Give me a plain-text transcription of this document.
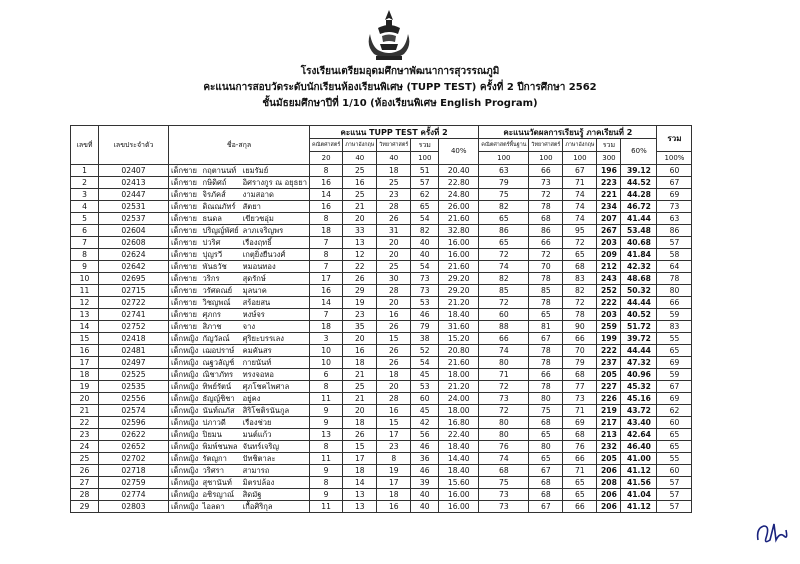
โรงเรียนเตรียมอุดมศึกษาพัฒนาการสุวรรณภูมิ
คะแนนการสอบวัดระดับนักเรียนห้องเรียนพิเศษ (TUPP TEST) ครั้งที่ 2 ปีการศึกษา 2562
ชั้นมัธยมศึกษาปีที่ 1/10 (ห้องเรียนพิเศษ English Program)
เลขที่	เลขประจำตัว	ชื่อ-สกุล			คะแนน TUPP TEST ครั้งที่ 2					คะแนนวัดผลการเรียนรู้ ภาคเรียนที่ 2					รวม
					คณิตศาสตร์	ภาษาอังกฤษ	วิทยาศาสตร์	รวม	40%	คณิตศาสตร์พื้นฐาน	วิทยาศาสตร์	ภาษาอังกฤษ	รวม	60%	
					20	40	40	100		100	100	100	300		100%
1	02407	เด็กชาย	กฤตานนท์	เยมรัมย์	8	25	18	51	20.40	63	66	67	196	39.12	60
2	02413	เด็กชาย	กษิดิศถ์	อิศรางกูร ณ อยุธยา	16	16	25	57	22.80	79	73	71	223	44.52	67
3	02447	เด็กชาย	จิรภัคส์	งามสอาด	14	25	23	62	24.80	75	72	74	221	44.28	69
4	02531	เด็กชาย	ดิณณภัทร์	สัตยา	16	21	28	65	26.00	82	78	74	234	46.72	73
5	02537	เด็กชาย	ธนดล	เขียวชอุ่ม	8	20	26	54	21.60	65	68	74	207	41.44	63
6	02604	เด็กชาย	ปริญญ์พัศย์	ลาภเจริญพร	18	33	31	82	32.80	86	86	95	267	53.48	86
7	02608	เด็กชาย	ปวริศ	เรืองฤทธิ์	7	13	20	40	16.00	65	66	72	203	40.68	57
8	02624	เด็กชาย	ปุญรวี	เกตุยิ่งยืนวงศ์	8	12	20	40	16.00	72	72	65	209	41.84	58
9	02642	เด็กชาย	พันธวัช	หมอนทอง	7	22	25	54	21.60	74	70	68	212	42.32	64
10	02695	เด็กชาย	วริกร	สุดรักษ์	17	26	30	73	29.20	82	78	83	243	48.68	78
11	02715	เด็กชาย	วรัศดณย์	มุลนาค	16	29	28	73	29.20	85	85	82	252	50.32	80
12	02722	เด็กชาย	วิชญพณ์	สร้อยสน	14	19	20	53	21.20	72	78	72	222	44.44	66
13	02741	เด็กชาย	ศุภกร	หงษ์จร	7	23	16	46	18.40	60	65	78	203	40.52	59
14	02752	เด็กชาย	สิภาช	จาง	18	35	26	79	31.60	88	81	90	259	51.72	83
15	02418	เด็กหญิง	กัญวัลณ์	ศุริยะบรรเลง	3	20	15	38	15.20	66	67	66	199	39.72	55
16	02481	เด็กหญิง	เฌอปราษ์	คมคันสร	10	16	26	52	20.80	74	78	70	222	44.44	65
17	02497	เด็กหญิง	ณฐวลัญช์	กายนันท์	10	18	26	54	21.60	80	78	79	237	47.32	69
18	02525	เด็กหญิง	ณิชาภัทร	ทรงจอหอ	6	21	18	45	18.00	71	66	68	205	40.96	59
19	02535	เด็กหญิง	ทิพย์รัตน์	ศุภโชคไพศาล	8	25	20	53	21.20	72	78	77	227	45.32	67
20	02556	เด็กหญิง	ธัญญ์ชิชา	อยู่คง	11	21	28	60	24.00	73	80	73	226	45.16	69
21	02574	เด็กหญิง	นันท์ณภัส	สิริโชติรนันกูล	9	20	16	45	18.00	72	75	71	219	43.72	62
22	02596	เด็กหญิง	ปภาวดี	เรืองช่วย	9	18	15	42	16.80	80	68	69	217	43.40	60
23	02622	เด็กหญิง	ปิยมน	มนต์แก้ว	13	26	17	56	22.40	80	65	68	213	42.64	65
24	02652	เด็กหญิง	พิมพ์ชนพล	จันทร์เจริญ	8	15	23	46	18.40	76	80	76	232	46.40	65
25	02702	เด็กหญิง	รัตญกา	ปัทชิตาละ	11	17	8	36	14.40	74	65	66	205	41.00	55
26	02718	เด็กหญิง	วริศรา	สามารถ	9	18	19	46	18.40	68	67	71	206	41.12	60
27	02759	เด็กหญิง	สุชานันท์	มิตรปล้อง	8	14	17	39	15.60	75	68	65	208	41.56	57
28	02774	เด็กหญิง	อชิรญาณ์	สิดมัฐ	9	13	18	40	16.00	73	68	65	206	41.04	57
29	02803	เด็กหญิง	ไอลดา	เกื้อศิริกุล	11	13	16	40	16.00	73	67	66	206	41.12	57
